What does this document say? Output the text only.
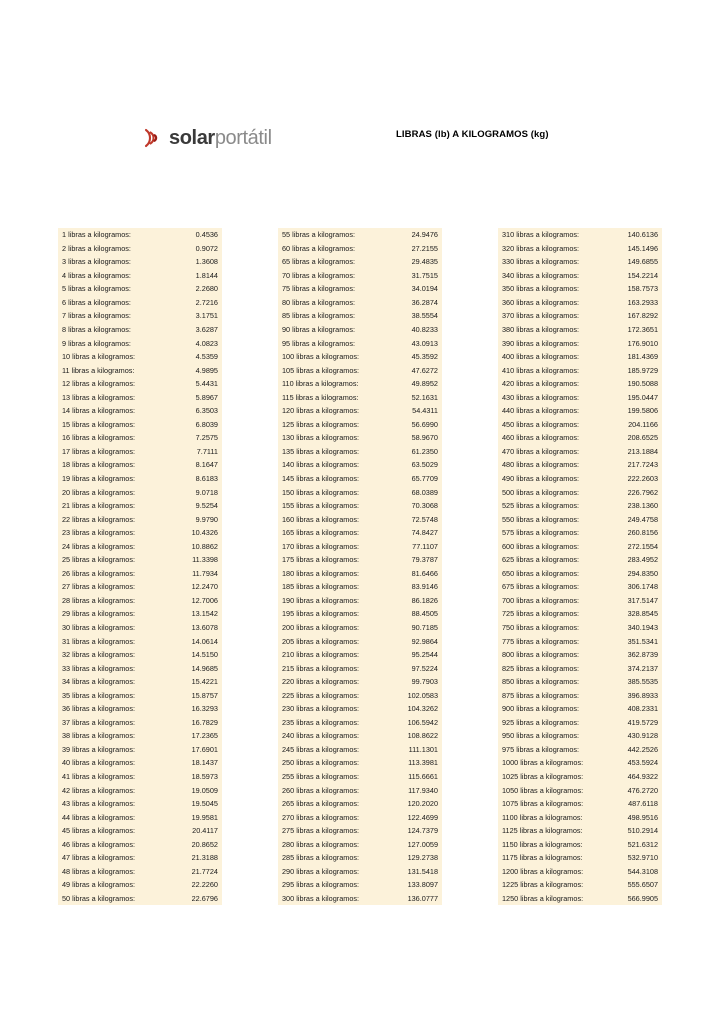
solarportátil	LIBRAS (lb) A KILOGRAMOS (kg)
1 libras a kilogramos:	0.4536
2 libras a kilogramos:	0.9072
3 libras a kilogramos:	1.3608
4 libras a kilogramos:	1.8144
5 libras a kilogramos:	2.2680
6 libras a kilogramos:	2.7216
7 libras a kilogramos:	3.1751
8 libras a kilogramos:	3.6287
9 libras a kilogramos:	4.0823
10 libras a kilogramos:	4.5359
11 libras a kilogramos:	4.9895
12 libras a kilogramos:	5.4431
13 libras a kilogramos:	5.8967
14 libras a kilogramos:	6.3503
15 libras a kilogramos:	6.8039
16 libras a kilogramos:	7.2575
17 libras a kilogramos:	7.7111
18 libras a kilogramos:	8.1647
19 libras a kilogramos:	8.6183
20 libras a kilogramos:	9.0718
21 libras a kilogramos:	9.5254
22 libras a kilogramos:	9.9790
23 libras a kilogramos:	10.4326
24 libras a kilogramos:	10.8862
25 libras a kilogramos:	11.3398
26 libras a kilogramos:	11.7934
27 libras a kilogramos:	12.2470
28 libras a kilogramos:	12.7006
29 libras a kilogramos:	13.1542
30 libras a kilogramos:	13.6078
31 libras a kilogramos:	14.0614
32 libras a kilogramos:	14.5150
33 libras a kilogramos:	14.9685
34 libras a kilogramos:	15.4221
35 libras a kilogramos:	15.8757
36 libras a kilogramos:	16.3293
37 libras a kilogramos:	16.7829
38 libras a kilogramos:	17.2365
39 libras a kilogramos:	17.6901
40 libras a kilogramos:	18.1437
41 libras a kilogramos:	18.5973
42 libras a kilogramos:	19.0509
43 libras a kilogramos:	19.5045
44 libras a kilogramos:	19.9581
45 libras a kilogramos:	20.4117
46 libras a kilogramos:	20.8652
47 libras a kilogramos:	21.3188
48 libras a kilogramos:	21.7724
49 libras a kilogramos:	22.2260
50 libras a kilogramos:	22.6796
55 libras a kilogramos:	24.9476
60 libras a kilogramos:	27.2155
65 libras a kilogramos:	29.4835
70 libras a kilogramos:	31.7515
75 libras a kilogramos:	34.0194
80 libras a kilogramos:	36.2874
85 libras a kilogramos:	38.5554
90 libras a kilogramos:	40.8233
95 libras a kilogramos:	43.0913
100 libras a kilogramos:	45.3592
105 libras a kilogramos:	47.6272
110 libras a kilogramos:	49.8952
115 libras a kilogramos:	52.1631
120 libras a kilogramos:	54.4311
125 libras a kilogramos:	56.6990
130 libras a kilogramos:	58.9670
135 libras a kilogramos:	61.2350
140 libras a kilogramos:	63.5029
145 libras a kilogramos:	65.7709
150 libras a kilogramos:	68.0389
155 libras a kilogramos:	70.3068
160 libras a kilogramos:	72.5748
165 libras a kilogramos:	74.8427
170 libras a kilogramos:	77.1107
175 libras a kilogramos:	79.3787
180 libras a kilogramos:	81.6466
185 libras a kilogramos:	83.9146
190 libras a kilogramos:	86.1826
195 libras a kilogramos:	88.4505
200 libras a kilogramos:	90.7185
205 libras a kilogramos:	92.9864
210 libras a kilogramos:	95.2544
215 libras a kilogramos:	97.5224
220 libras a kilogramos:	99.7903
225 libras a kilogramos:	102.0583
230 libras a kilogramos:	104.3262
235 libras a kilogramos:	106.5942
240 libras a kilogramos:	108.8622
245 libras a kilogramos:	111.1301
250 libras a kilogramos:	113.3981
255 libras a kilogramos:	115.6661
260 libras a kilogramos:	117.9340
265 libras a kilogramos:	120.2020
270 libras a kilogramos:	122.4699
275 libras a kilogramos:	124.7379
280 libras a kilogramos:	127.0059
285 libras a kilogramos:	129.2738
290 libras a kilogramos:	131.5418
295 libras a kilogramos:	133.8097
300 libras a kilogramos:	136.0777
310 libras a kilogramos:	140.6136
320 libras a kilogramos:	145.1496
330 libras a kilogramos:	149.6855
340 libras a kilogramos:	154.2214
350 libras a kilogramos:	158.7573
360 libras a kilogramos:	163.2933
370 libras a kilogramos:	167.8292
380 libras a kilogramos:	172.3651
390 libras a kilogramos:	176.9010
400 libras a kilogramos:	181.4369
410 libras a kilogramos:	185.9729
420 libras a kilogramos:	190.5088
430 libras a kilogramos:	195.0447
440 libras a kilogramos:	199.5806
450 libras a kilogramos:	204.1166
460 libras a kilogramos:	208.6525
470 libras a kilogramos:	213.1884
480 libras a kilogramos:	217.7243
490 libras a kilogramos:	222.2603
500 libras a kilogramos:	226.7962
525 libras a kilogramos:	238.1360
550 libras a kilogramos:	249.4758
575 libras a kilogramos:	260.8156
600 libras a kilogramos:	272.1554
625 libras a kilogramos:	283.4952
650 libras a kilogramos:	294.8350
675 libras a kilogramos:	306.1748
700 libras a kilogramos:	317.5147
725 libras a kilogramos:	328.8545
750 libras a kilogramos:	340.1943
775 libras a kilogramos:	351.5341
800 libras a kilogramos:	362.8739
825 libras a kilogramos:	374.2137
850 libras a kilogramos:	385.5535
875 libras a kilogramos:	396.8933
900 libras a kilogramos:	408.2331
925 libras a kilogramos:	419.5729
950 libras a kilogramos:	430.9128
975 libras a kilogramos:	442.2526
1000 libras a kilogramos:	453.5924
1025 libras a kilogramos:	464.9322
1050 libras a kilogramos:	476.2720
1075 libras a kilogramos:	487.6118
1100 libras a kilogramos:	498.9516
1125 libras a kilogramos:	510.2914
1150 libras a kilogramos:	521.6312
1175 libras a kilogramos:	532.9710
1200 libras a kilogramos:	544.3108
1225 libras a kilogramos:	555.6507
1250 libras a kilogramos:	566.9905
